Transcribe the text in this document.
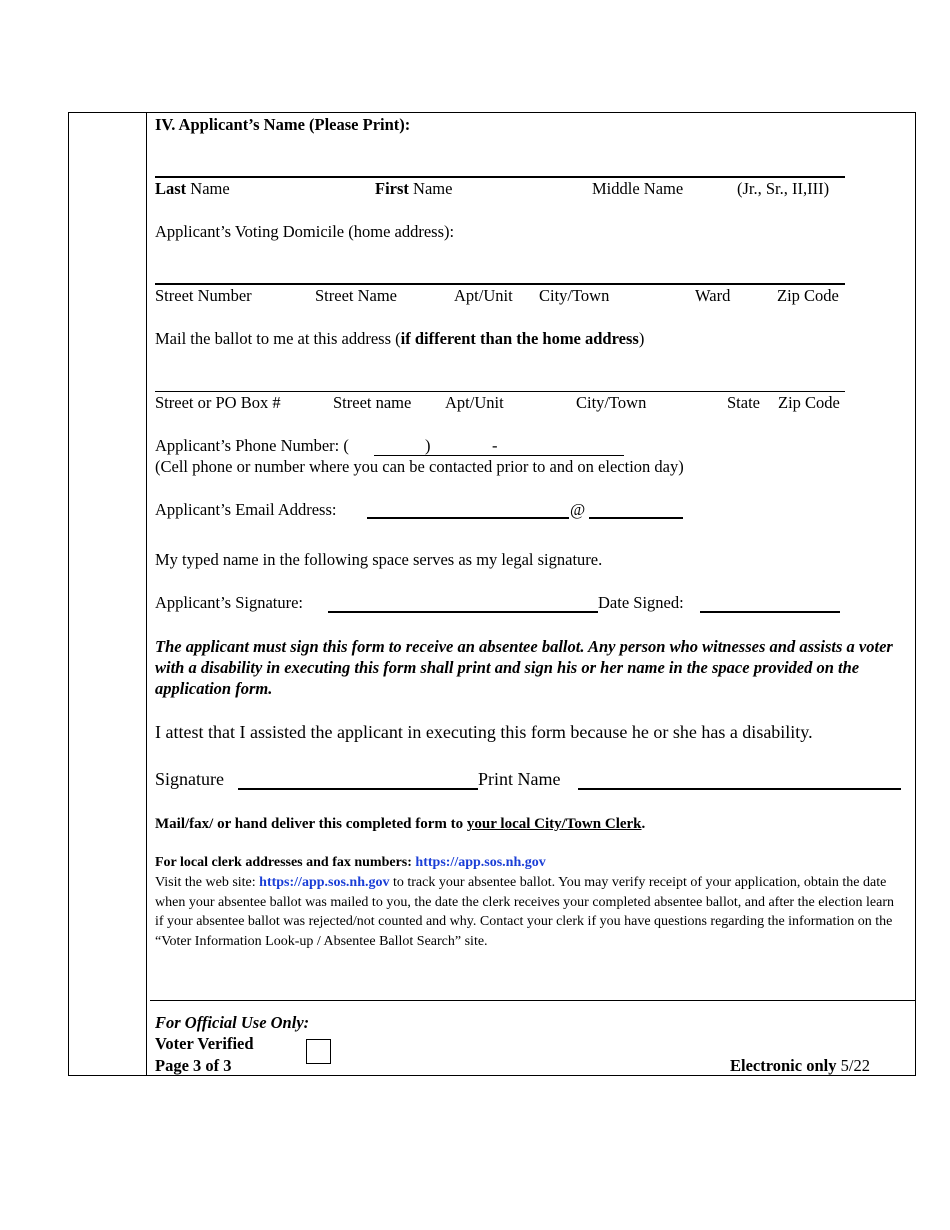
IV. Applicant’s Name (Please Print):
Last Name	First Name	Middle Name	(Jr., Sr., II,III)
Applicant’s Voting Domicile (home address):
Street Number	Street Name	Apt/Unit City/Town	Ward	Zip Code
Mail the ballot to me at this address (if different than the home address)
Street or PO Box #	Street name Apt/Unit	City/Town	State Zip Code
Applicant’s Phone Number: (	)	-
(Cell phone or number where you can be contacted prior to and on election day)
Applicant’s Email Address:	@
My typed name in the following space serves as my legal signature.
Applicant’s Signature:	Date Signed:
The applicant must sign this form to receive an absentee ballot. Any person who witnesses and assists a voter with a disability in executing this form shall print and sign his or her name in the space provided on the application form.
I attest that I assisted the applicant in executing this form because he or she has a disability.
Signature	Print Name
Mail/fax/ or hand deliver this completed form to your local City/Town Clerk.
For local clerk addresses and fax numbers: https://app.sos.nh.gov
Visit the web site: https://app.sos.nh.gov to track your absentee ballot. You may verify receipt of your application, obtain the date when your absentee ballot was mailed to you, the date the clerk receives your completed absentee ballot, and after the election learn if your absentee ballot was rejected/not counted and why. Contact your clerk if you have questions regarding the information on the “Voter Information Look-up / Absentee Ballot Search” site.
For Official Use Only:
Voter Verified
Page 3 of 3	Electronic only 5/22
